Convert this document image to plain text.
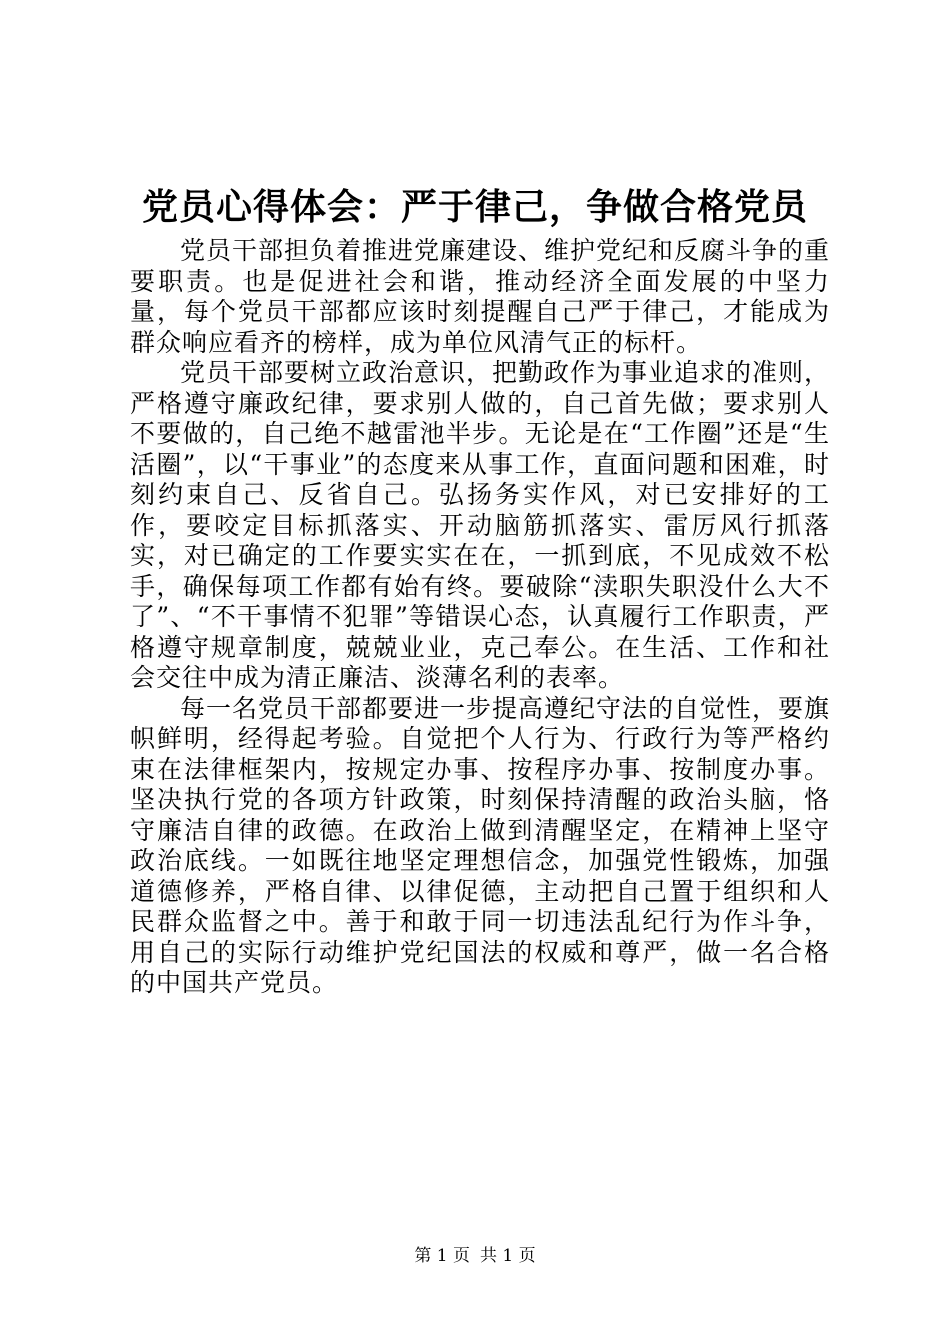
党员心得体会：严于律己，争做合格党员

党员干部担负着推进党廉建设、维护党纪和反腐斗争的重要职责。也是促进社会和谐，推动经济全面发展的中坚力量，每个党员干部都应该时刻提醒自己严于律己，才能成为群众响应看齐的榜样，成为单位风清气正的标杆。

党员干部要树立政治意识，把勤政作为事业追求的准则，严格遵守廉政纪律，要求别人做的，自己首先做；要求别人不要做的，自己绝不越雷池半步。无论是在“工作圈”还是“生活圈”，以“干事业”的态度来从事工作，直面问题和困难，时刻约束自己、反省自己。弘扬务实作风，对已安排好的工作，要咬定目标抓落实、开动脑筋抓落实、雷厉风行抓落实，对已确定的工作要实实在在，一抓到底，不见成效不松手，确保每项工作都有始有终。要破除“渎职失职没什么大不了”、“不干事情不犯罪”等错误心态，认真履行工作职责，严格遵守规章制度，兢兢业业，克己奉公。在生活、工作和社会交往中成为清正廉洁、淡薄名利的表率。

每一名党员干部都要进一步提高遵纪守法的自觉性，要旗帜鲜明，经得起考验。自觉把个人行为、行政行为等严格约束在法律框架内，按规定办事、按程序办事、按制度办事。坚决执行党的各项方针政策，时刻保持清醒的政治头脑，恪守廉洁自律的政德。在政治上做到清醒坚定，在精神上坚守政治底线。一如既往地坚定理想信念，加强党性锻炼，加强道德修养，严格自律、以律促德，主动把自己置于组织和人民群众监督之中。善于和敢于同一切违法乱纪行为作斗争，用自己的实际行动维护党纪国法的权威和尊严，做一名合格的中国共产党员。

第 1 页 共 1 页
